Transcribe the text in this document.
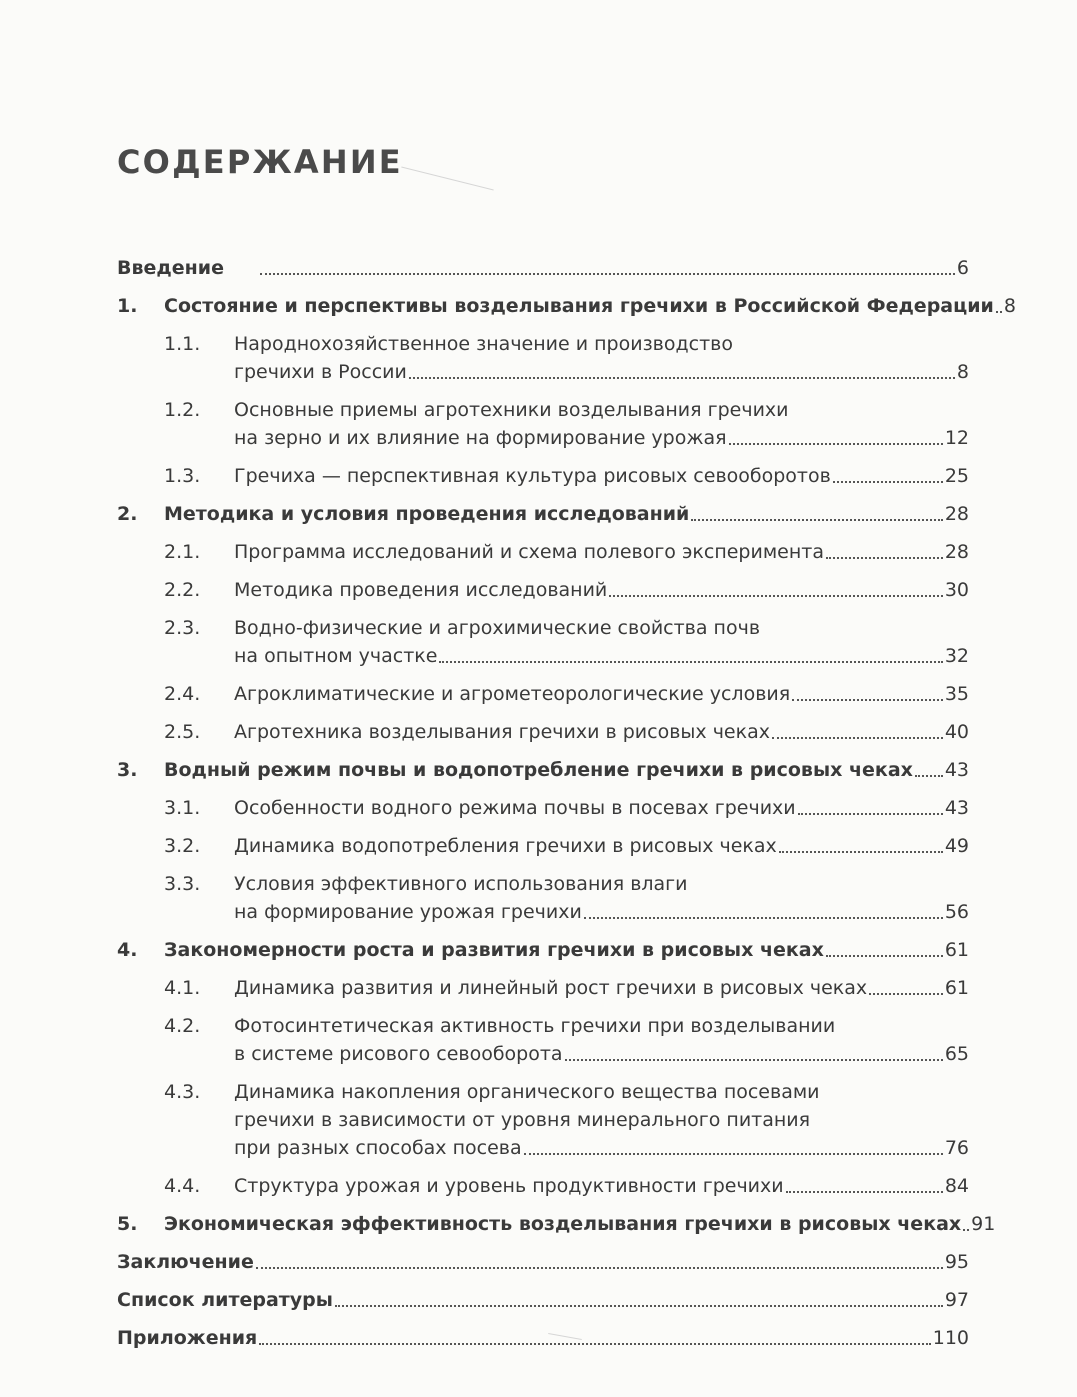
СОДЕРЖАНИЕ
Введение	6
1. Состояние и перспективы возделывания гречихи в Российской Федерации 8
1.1. Народнохозяйственное значение и производство
гречихи в России	8
1.2. Основные приемы агротехники возделывания гречихи
на зерно и их влияние на формирование урожая	12
1.3. Гречиха — перспективная культура рисовых севооборотов	25
2. Методика и условия проведения исследований	28
2.1. Программа исследований и схема полевого эксперимента	28
2.2. Методика проведения исследований	30
2.3. Водно-физические и агрохимические свойства почв
на опытном участке	32
2.4. Агроклиматические и агрометеорологические условия	35
2.5. Агротехника возделывания гречихи в рисовых чеках	40
3. Водный режим почвы и водопотребление гречихи в рисовых чеках 43
3.1. Особенности водного режима почвы в посевах гречихи	43
3.2. Динамика водопотребления гречихи в рисовых чеках	49
3.3. Условия эффективного использования влаги
на формирование урожая гречихи	56
4. Закономерности роста и развития гречихи в рисовых чеках	61
4.1. Динамика развития и линейный рост гречихи в рисовых чеках	61
4.2. Фотосинтетическая активность гречихи при возделывании
в системе рисового севооборота	65
4.3. Динамика накопления органического вещества посевами
гречихи в зависимости от уровня минерального питания
при разных способах посева	76
4.4. Структура урожая и уровень продуктивности гречихи	84
5. Экономическая эффективность возделывания гречихи в рисовых чеках 91
Заключение	95
Список литературы	97
Приложения	110
